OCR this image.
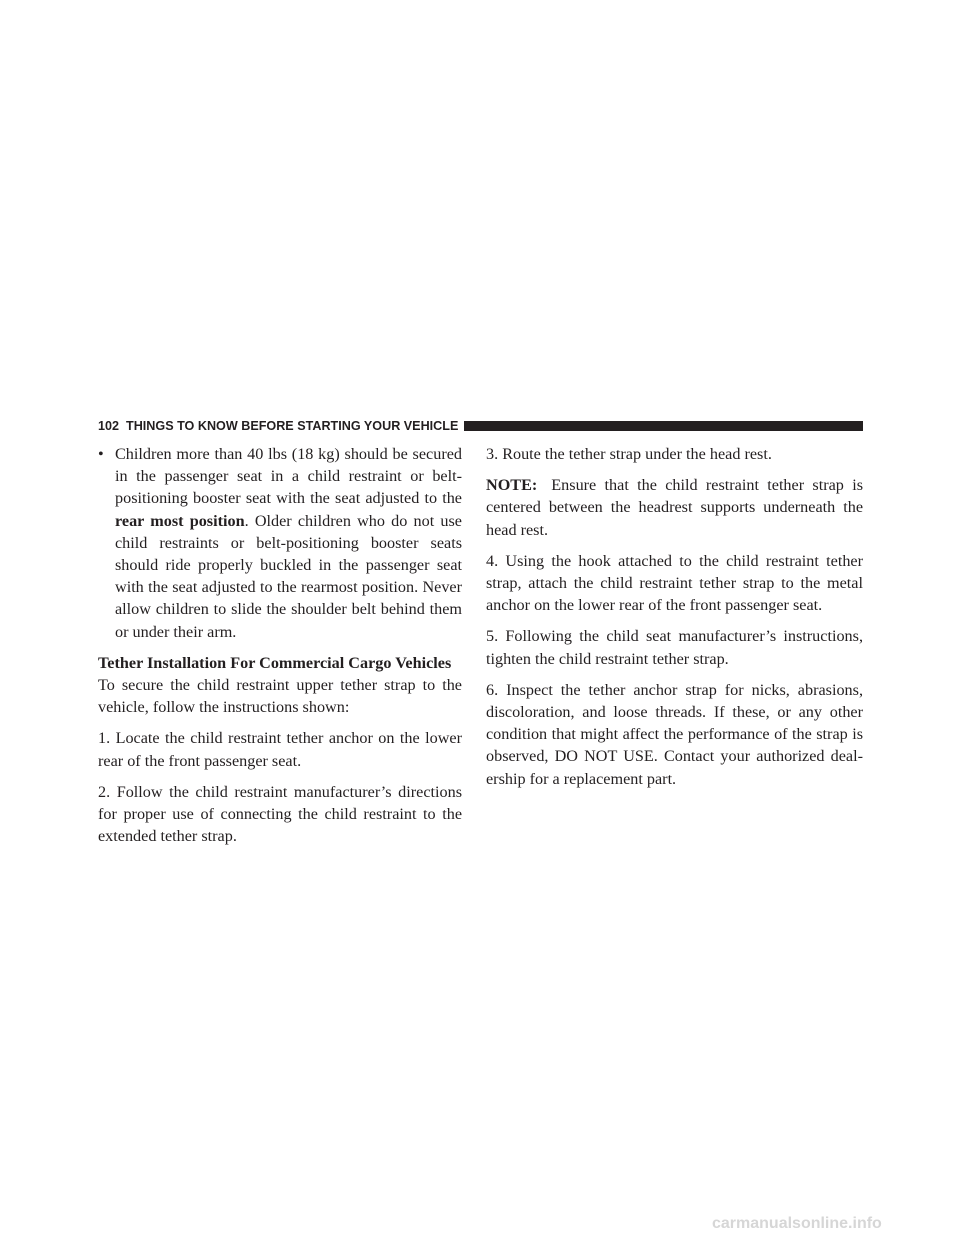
102 THINGS TO KNOW BEFORE STARTING YOUR VEHICLE
• Children more than 40 lbs (18 kg) should be secured in the passenger seat in a child restraint or belt-positioning booster seat with the seat adjusted to the rear most position. Older children who do not use child restraints or belt-positioning booster seats should ride properly buckled in the passenger seat with the seat adjusted to the rearmost position. Never allow children to slide the shoulder belt behind them or under their arm.

Tether Installation For Commercial Cargo Vehicles

To secure the child restraint upper tether strap to the vehicle, follow the instructions shown:

1. Locate the child restraint tether anchor on the lower rear of the front passenger seat.

2. Follow the child restraint manufacturer’s directions for proper use of connecting the child restraint to the extended tether strap.

3. Route the tether strap under the head rest.

NOTE: Ensure that the child restraint tether strap is centered between the headrest supports underneath the head rest.

4. Using the hook attached to the child restraint tether strap, attach the child restraint tether strap to the metal anchor on the lower rear of the front passenger seat.

5. Following the child seat manufacturer’s instructions, tighten the child restraint tether strap.

6. Inspect the tether anchor strap for nicks, abrasions, discoloration, and loose threads. If these, or any other condition that might affect the performance of the strap is observed, DO NOT USE. Contact your authorized deal-ership for a replacement part.

carmanualsonline.info
